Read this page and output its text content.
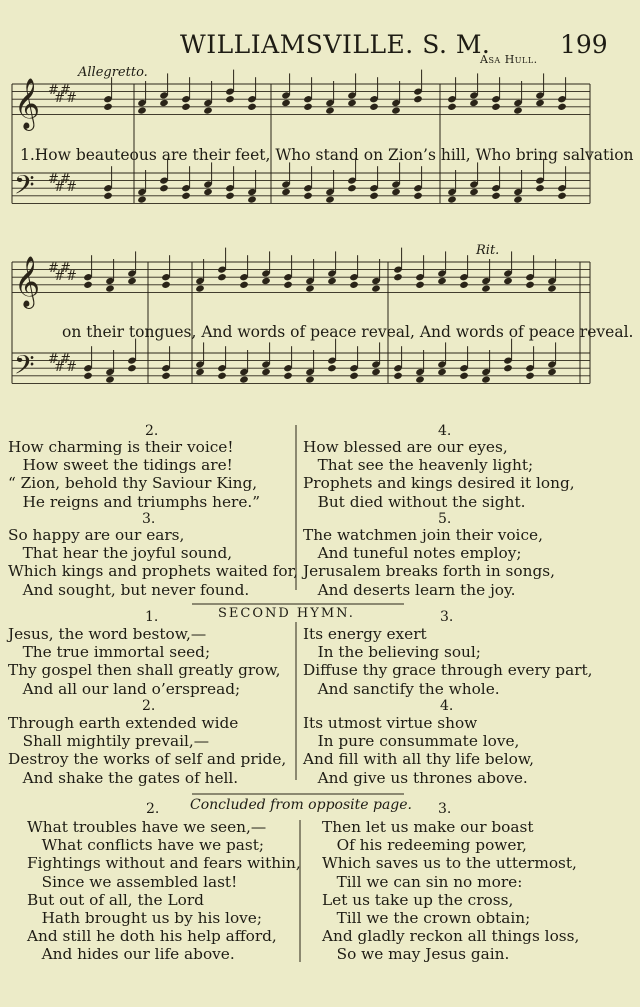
WILLIAMSVILLE. S. M.	199
Asa Hull.
Allegretto.
Rit.
𝄞 #
#
#
#
𝄢 #
#
#
#
𝄞 #
#
#
#
𝄢 #
#
#
#
1.How beauteous are their feet, Who stand on Zion’s hill, Who bring salvation
on their tongues, And words of peace reveal, And words of peace reveal.
2.
How charming is their voice!
How sweet the tidings are!
“ Zion, behold thy Saviour King,
He reigns and triumphs here.”
3.
So happy are our ears,
That hear the joyful sound,
Which kings and prophets waited for,
And sought, but never found.
4.
How blessed are our eyes,
That see the heavenly light;
Prophets and kings desired it long,
But died without the sight.
5.
The watchmen join their voice,
And tuneful notes employ;
Jerusalem breaks forth in songs,
And deserts learn the joy.
SECOND HYMN.
1.
Jesus, the word bestow,—
The true immortal seed;
Thy gospel then shall greatly grow,
And all our land o’erspread;
2.
Through earth extended wide
Shall mightily prevail,—
Destroy the works of self and pride,
And shake the gates of hell.
3.
Its energy exert
In the believing soul;
Diffuse thy grace through every part,
And sanctify the whole.
4.
Its utmost virtue show
In pure consummate love,
And fill with all thy life below,
And give us thrones above.
Concluded from opposite page.
2.
What troubles have we seen,—
What conflicts have we past;
Fightings without and fears within,
Since we assembled last!
But out of all, the Lord
Hath brought us by his love;
And still he doth his help afford,
And hides our life above.
3.
Then let us make our boast
Of his redeeming power,
Which saves us to the uttermost,
Till we can sin no more:
Let us take up the cross,
Till we the crown obtain;
And gladly reckon all things loss,
So we may Jesus gain.
